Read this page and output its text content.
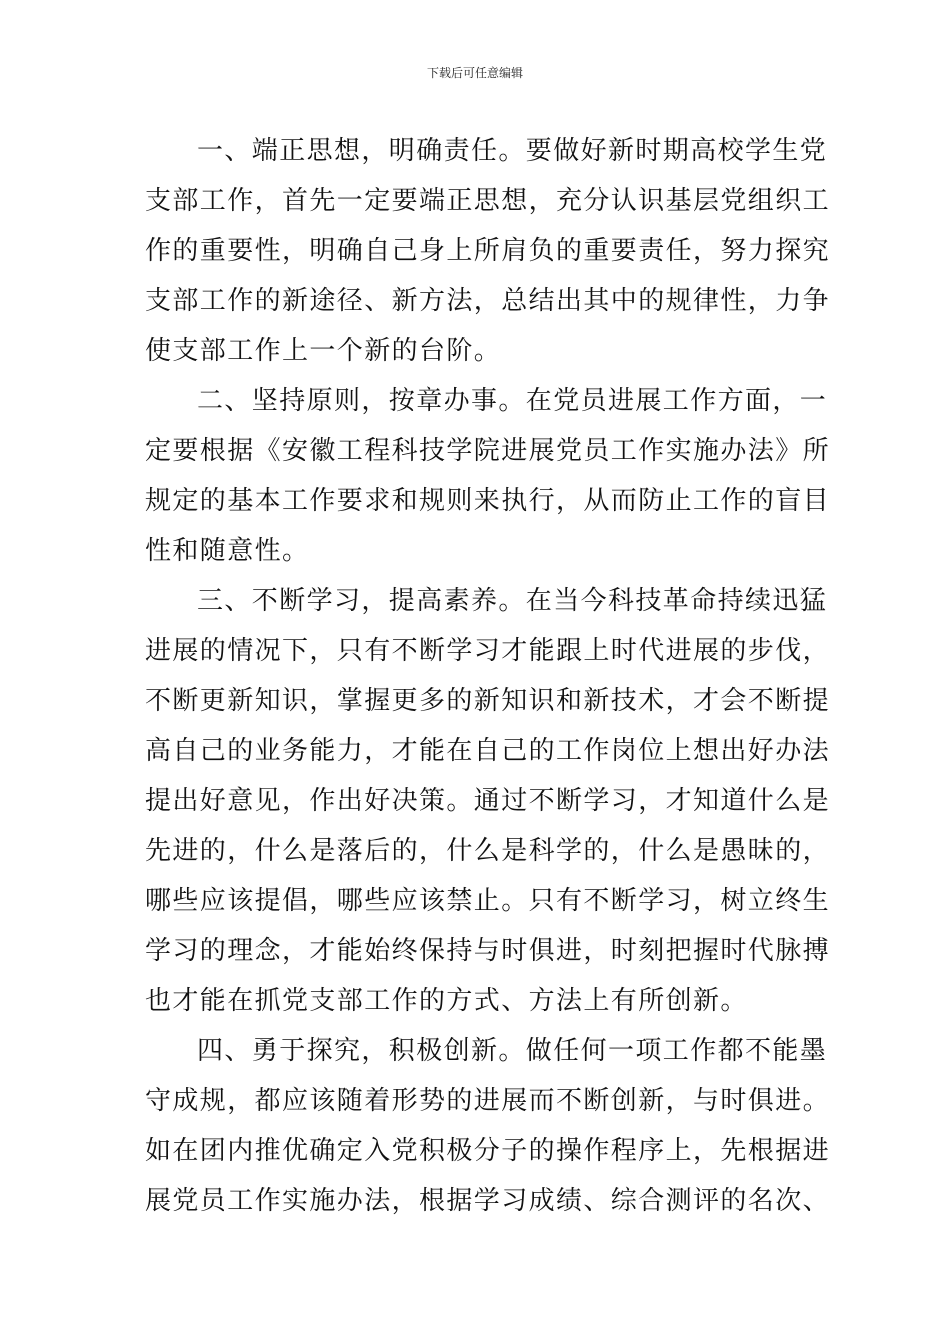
下载后可任意编辑
一、端正思想，明确责任。要做好新时期高校学生党
支部工作，首先一定要端正思想，充分认识基层党组织工
作的重要性，明确自己身上所肩负的重要责任，努力探究
支部工作的新途径、新方法，总结出其中的规律性，力争
使支部工作上一个新的台阶。
二、坚持原则，按章办事。在党员进展工作方面，一
定要根据《安徽工程科技学院进展党员工作实施办法》所
规定的基本工作要求和规则来执行，从而防止工作的盲目
性和随意性。
三、不断学习，提高素养。在当今科技革命持续迅猛
进展的情况下，只有不断学习才能跟上时代进展的步伐，
不断更新知识，掌握更多的新知识和新技术，才会不断提
高自己的业务能力，才能在自己的工作岗位上想出好办法
提出好意见，作出好决策。通过不断学习，才知道什么是
先进的，什么是落后的，什么是科学的，什么是愚昧的，
哪些应该提倡，哪些应该禁止。只有不断学习，树立终生
学习的理念，才能始终保持与时俱进，时刻把握时代脉搏
也才能在抓党支部工作的方式、方法上有所创新。
四、勇于探究，积极创新。做任何一项工作都不能墨
守成规，都应该随着形势的进展而不断创新，与时俱进。
如在团内推优确定入党积极分子的操作程序上，先根据进
展党员工作实施办法，根据学习成绩、综合测评的名次、
